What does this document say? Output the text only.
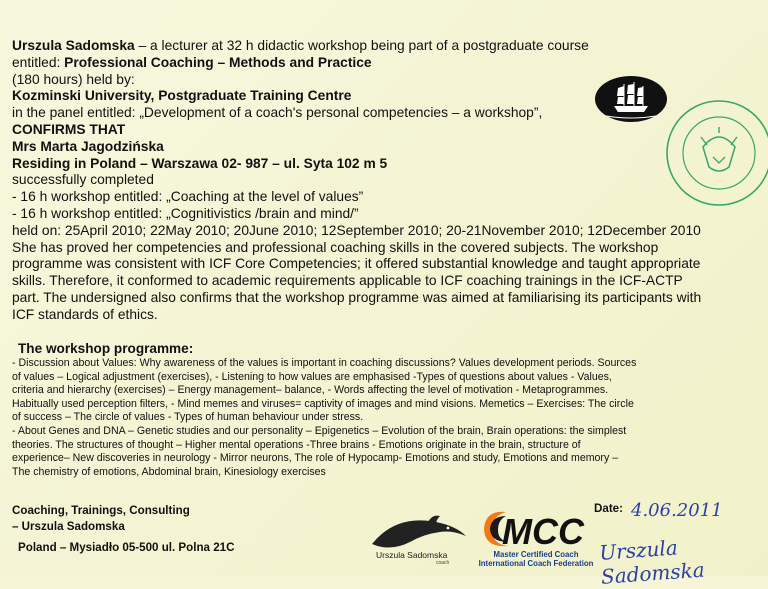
Urszula Sadomska – a lecturer at 32 h didactic workshop being part of a postgraduate course
entitled: Professional Coaching – Methods and Practice
(180 hours) held by:
Kozminski University, Postgraduate Training Centre
in the panel entitled: „Development of a coach's personal competencies – a workshop”,
CONFIRMS THAT
Mrs Marta Jagodzińska
Residing in Poland – Warszawa 02- 987 – ul. Syta 102 m 5
successfully completed
- 16 h workshop entitled: „Coaching at the level of values”
- 16 h workshop entitled: „Cognitivistics /brain and mind/”
held on: 25April 2010; 22May 2010; 20June 2010; 12September 2010; 20-21November 2010; 12December 2010
She has proved her competencies and professional coaching skills in the covered subjects. The workshop
programme was consistent with ICF Core Competencies; it offered substantial knowledge and taught appropriate
skills. Therefore, it conformed to academic requirements applicable to ICF coaching trainings in the ICF-ACTP
part. The undersigned also confirms that the workshop programme was aimed at familiarising its participants with
ICF standards of ethics.
The workshop programme:
- Discussion about Values: Why awareness of the values is important in coaching discussions? Values development periods. Sources
of values – Logical adjustment (exercises), - Listening to how values are emphasised -Types of questions about values - Values,
criteria and hierarchy (exercises) – Energy management– balance, - Words affecting the level of motivation - Metaprogrammes.
Habitually used perception filters, - Mind memes and viruses= captivity of images and mind visions. Memetics – Exercises: The circle
of success – The circle of values - Types of human behaviour under stress.
- About Genes and DNA – Genetic studies and our personality – Epigenetics – Evolution of the brain, Brain operations: the simplest
theories. The structures of thought – Higher mental operations -Three brains - Emotions originate in the brain, structure of
experience– New discoveries in neurology - Mirror neurons, The role of Hypocamp- Emotions and study, Emotions and memory –
The chemistry of emotions, Abdominal brain, Kinesiology exercises
Coaching, Trainings, Consulting
– Urszula Sadomska
Poland – Mysiadło 05-500 ul. Polna 21C
Urszula Sadomska
coach
MCC
Master Certified Coach
International Coach Federation
Date: 4.06.2011
Urszula Sadomska
